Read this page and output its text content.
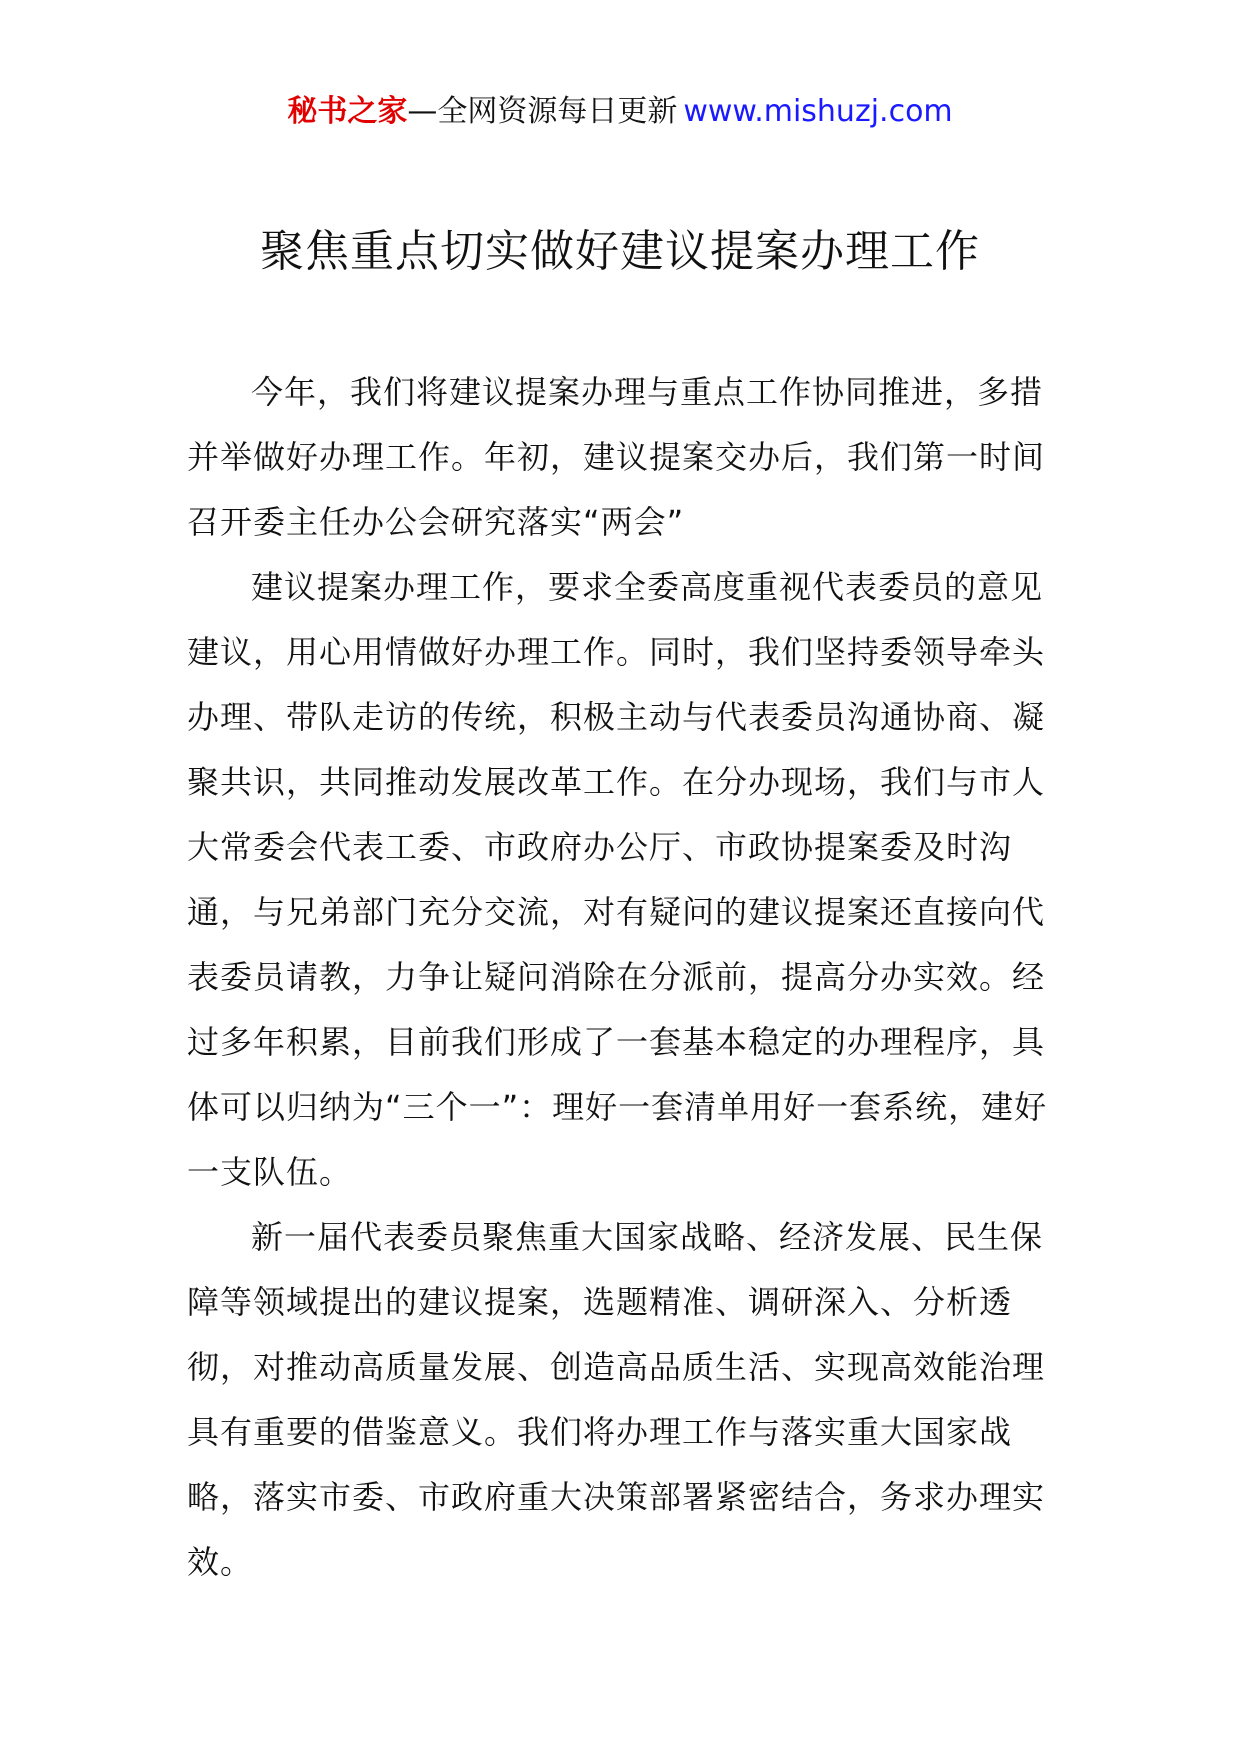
秘书之家—全网资源每日更新 www.mishuzj.com
聚焦重点切实做好建议提案办理工作

今年，我们将建议提案办理与重点工作协同推进，多措并举做好办理工作。年初，建议提案交办后，我们第一时间召开委主任办公会研究落实“两会”

建议提案办理工作，要求全委高度重视代表委员的意见建议，用心用情做好办理工作。同时，我们坚持委领导牵头办理、带队走访的传统，积极主动与代表委员沟通协商、凝聚共识，共同推动发展改革工作。在分办现场，我们与市人大常委会代表工委、市政府办公厅、市政协提案委及时沟通，与兄弟部门充分交流，对有疑问的建议提案还直接向代表委员请教，力争让疑问消除在分派前，提高分办实效。经过多年积累，目前我们形成了一套基本稳定的办理程序，具体可以归纳为“三个一”：理好一套清单用好一套系统，建好一支队伍。

新一届代表委员聚焦重大国家战略、经济发展、民生保障等领域提出的建议提案，选题精准、调研深入、分析透彻，对推动高质量发展、创造高品质生活、实现高效能治理具有重要的借鉴意义。我们将办理工作与落实重大国家战略，落实市委、市政府重大决策部署紧密结合，务求办理实效。
